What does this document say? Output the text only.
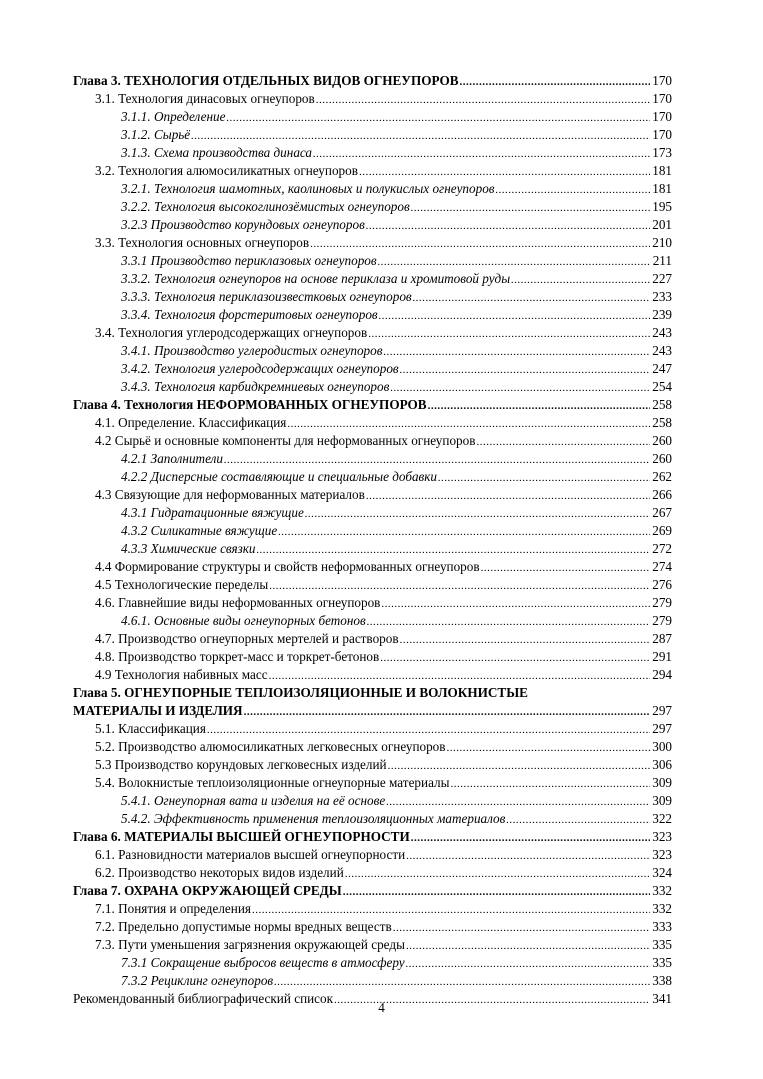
Глава 3. ТЕХНОЛОГИЯ ОТДЕЛЬНЫХ ВИДОВ ОГНЕУПОРОВ .....	170
3.1. Технология динасовых огнеупоров .....	170
3.1.1. Определение .....	170
3.1.2. Сырьё .....	170
3.1.3. Схема производства динаса .....	173
3.2. Технология алюмосиликатных огнеупоров .....	181
3.2.1. Технология шамотных, каолиновых и полукислых огнеупоров .....	181
3.2.2. Технология высокоглинозёмистых огнеупоров .....	195
3.2.3 Производство корундовых огнеупоров .....	201
3.3. Технология основных огнеупоров .....	210
3.3.1 Производство периклазовых огнеупоров .....	211
3.3.2. Технология огнеупоров на основе периклаза и хромитовой руды .....	227
3.3.3. Технология периклазоизвестковых огнеупоров .....	233
3.3.4. Технология форстеритовых огнеупоров .....	239
3.4. Технология углеродсодержащих огнеупоров .....	243
3.4.1. Производство углеродистых огнеупоров .....	243
3.4.2. Технология углеродсодержащих огнеупоров .....	247
3.4.3. Технология карбидкремниевых огнеупоров .....	254
Глава 4. Технология НЕФОРМОВАННЫХ ОГНЕУПОРОВ .....	258
4.1. Определение. Классификация .....	258
4.2 Сырьё и основные компоненты для неформованных огнеупоров .....	260
4.2.1 Заполнители .....	260
4.2.2 Дисперсные составляющие и специальные добавки .....	262
4.3 Связующие для неформованных материалов .....	266
4.3.1 Гидратационные вяжущие .....	267
4.3.2 Силикатные вяжущие .....	269
4.3.3 Химические связки .....	272
4.4 Формирование структуры и свойств неформованных огнеупоров .....	274
4.5 Технологические переделы .....	276
4.6. Главнейшие виды неформованных огнеупоров .....	279
4.6.1. Основные виды огнеупорных бетонов .....	279
4.7. Производство огнеупорных мертелей и растворов .....	287
4.8. Производство торкрет-масс и торкрет-бетонов .....	291
4.9 Технология набивных масс .....	294
Глава 5. ОГНЕУПОРНЫЕ ТЕПЛОИЗОЛЯЦИОННЫЕ И ВОЛОКНИСТЫЕ
МАТЕРИАЛЫ И ИЗДЕЛИЯ .....	297
5.1. Классификация .....	297
5.2. Производство алюмосиликатных легковесных огнеупоров .....	300
5.3 Производство корундовых легковесных изделий .....	306
5.4. Волокнистые теплоизоляционные огнеупорные материалы .....	309
5.4.1. Огнеупорная вата и изделия на её основе .....	309
5.4.2. Эффективность применения теплоизоляционных материалов .....	322
Глава 6. МАТЕРИАЛЫ ВЫСШЕЙ ОГНЕУПОРНОСТИ .....	323
6.1. Разновидности материалов высшей огнеупорности .....	323
6.2. Производство некоторых видов изделий .....	324
Глава 7. ОХРАНА ОКРУЖАЮЩЕЙ СРЕДЫ .....	332
7.1. Понятия и определения .....	332
7.2. Предельно допустимые нормы вредных веществ .....	333
7.3. Пути уменьшения загрязнения окружающей среды .....	335
7.3.1 Сокращение выбросов веществ в атмосферу .....	335
7.3.2 Рециклинг огнеупоров .....	338
Рекомендованный библиографический список .....	341
4
